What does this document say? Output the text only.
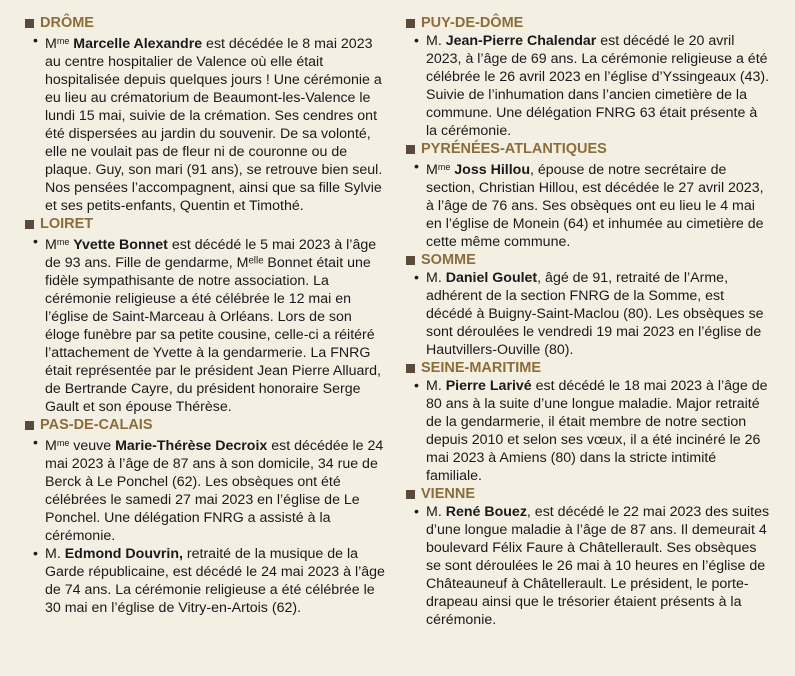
DRÔME
• $M^{me}$ Marcelle Alexandre est décédée le 8 mai 2023 au centre hospitalier de Valence où elle était hospitalisée depuis quelques jours ! Une cérémonie a eu lieu au crématorium de Beaumont-les-Valence le lundi 15 mai, suivie de la crémation. Ses cendres ont été dispersées au jardin du souvenir. De sa volonté, elle ne voulait pas de fleur ni de couronne ou de plaque. Guy, son mari (91 ans), se retrouve bien seul. Nos pensées l’accompagnent, ainsi que sa fille Sylvie et ses petits-enfants, Quentin et Timothé.
LOIRET
• $M^{me}$ Yvette Bonnet est décédé le 5 mai 2023 à l’âge de 93 ans. Fille de gendarme, Mᵉˡˡᵉ Bonnet était une fidèle sympathisante de notre association. La cérémonie religieuse a été célébrée le 12 mai en l’église de Saint-Marceau à Orléans. Lors de son éloge funèbre par sa petite cousine, celle-ci a réitéré l’attachement de Yvette à la gendarmerie. La FNRG était représentée par le président Jean Pierre Alluard, de Bertrande Cayre, du président honoraire Serge Gault et son épouse Thérèse.
PAS-DE-CALAIS
• $M^{me}$ veuve Marie-Thérèse Decroix est décédée le 24 mai 2023 à l’âge de 87 ans à son domicile, 34 rue de Berck à Le Ponchel (62). Les obsèques ont été célébrées le samedi 27 mai 2023 en l’église de Le Ponchel. Une délégation FNRG a assisté à la cérémonie.
• M. Edmond Douvrin, retraité de la musique de la Garde républicaine, est décédé le 24 mai 2023 à l’âge de 74 ans. La cérémonie religieuse a été célébrée le 30 mai en l’église de Vitry-en-Artois (62).
PUY-DE-DÔME
• M. Jean-Pierre Chalendar est décédé le 20 avril 2023, à l’âge de 69 ans. La cérémonie religieuse a été célébrée le 26 avril 2023 en l’église d’Yssingeaux (43). Suivie de l’inhumation dans l’ancien cimetière de la commune. Une délégation FNRG 63 était présente à la cérémonie.
PYRÉNÉES-ATLANTIQUES
• $M^{me}$ Joss Hillou, épouse de notre secrétaire de section, Christian Hillou, est décédée le 27 avril 2023, à l’âge de 76 ans. Ses obsèques ont eu lieu le 4 mai en l’église de Monein (64) et inhumée au cimetière de cette même commune.
SOMME
• M. Daniel Goulet, âgé de 91, retraité de l’Arme, adhérent de la section FNRG de la Somme, est décédé à Buigny-Saint-Maclou (80). Les obsèques se sont déroulées le vendredi 19 mai 2023 en l’église de Hautvillers-Ouville (80).
SEINE-MARITIME
• M. Pierre Larivé est décédé le 18 mai 2023 à l’âge de 80 ans à la suite d’une longue maladie. Major retraité de la gendarmerie, il était membre de notre section depuis 2010 et selon ses vœux, il a été incinéré le 26 mai 2023 à Amiens (80) dans la stricte intimité familiale.
VIENNE
• M. René Bouez, est décédé le 22 mai 2023 des suites d’une longue maladie à l’âge de 87 ans. Il demeurait 4 boulevard Félix Faure à Châtellerault. Ses obsèques se sont déroulées le 26 mai à 10 heures en l’église de Châteauneuf à Châtellerault. Le président, le porte-drapeau ainsi que le trésorier étaient présents à la cérémonie.
